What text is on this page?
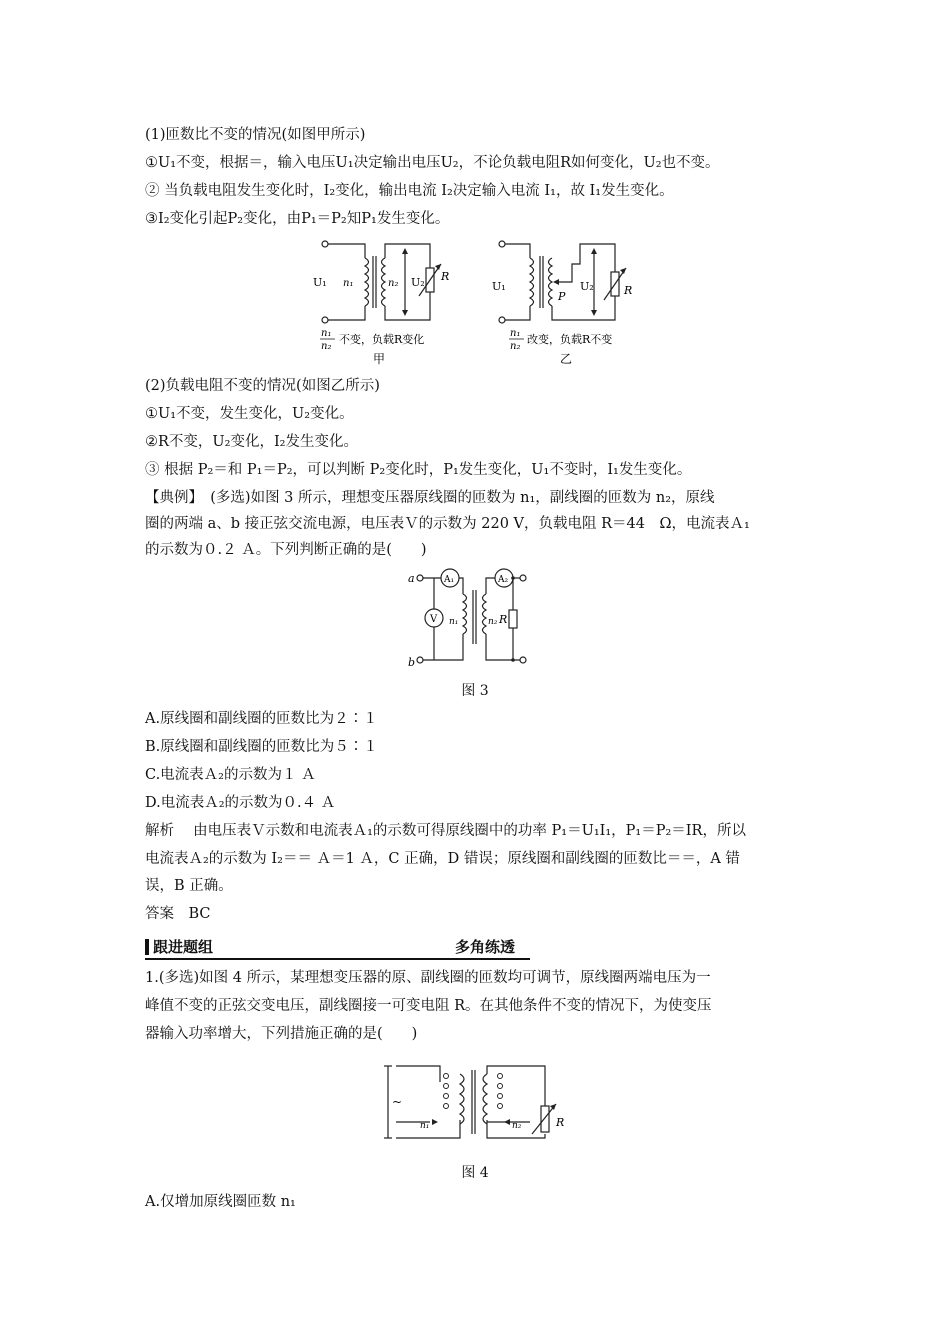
(1)匝数比不变的情况(如图甲所示)
①U₁不变，根据＝，输入电压U₁决定输出电压U₂，不论负载电阻R如何变化，U₂也不变。
② 当负载电阻发生变化时，I₂变化，输出电流 I₂决定输入电流 I₁，故 I₁发生变化。
③I₂变化引起P₂变化，由P₁＝P₂知P₁发生变化。
U₁ n₁	n₂ U₂ R
n₁
n₂
不变，负载R变化
甲
U₁
P
U₂	R
n₁
n₂
改变，负载R不变
乙
(2)负载电阻不变的情况(如图乙所示)
①U₁不变，发生变化，U₂变化。
②R不变，U₂变化，I₂发生变化。
③ 根据 P₂＝和 P₁＝P₂，可以判断 P₂变化时，P₁发生变化，U₁不变时，I₁发生变化。
【典例】　(多选)如图 3 所示，理想变压器原线圈的匝数为 n₁，副线圈的匝数为 n₂，原线
圈的两端 a、b 接正弦交流电源，电压表Ｖ的示数为 220 V，负载电阻 R＝44　Ω，电流表Ａ₁
的示数为０.２ Ａ。下列判断正确的是(　　)
a
b
V
A₁	A₂
n₁	n₂ R
图 3
A.原线圈和副线圈的匝数比为２∶１
B.原线圈和副线圈的匝数比为５∶１
C.电流表Ａ₂的示数为１ Ａ
D.电流表Ａ₂的示数为０.４ Ａ
解析　 由电压表Ｖ示数和电流表Ａ₁的示数可得原线圈中的功率 P₁＝U₁I₁，P₁＝P₂＝IR，所以
电流表Ａ₂的示数为 I₂＝＝ Ａ＝1 Ａ，C 正确，D 错误；原线圈和副线圈的匝数比＝＝，A 错
误，B 正确。
答案　BC
跟进题组	多角练透
1.(多选)如图 4 所示，某理想变压器的原、副线圈的匝数均可调节，原线圈两端电压为一
峰值不变的正弦交变电压，副线圈接一可变电阻 R。在其他条件不变的情况下，为使变压
器输入功率增大，下列措施正确的是(　　)
~
n₁	n₂	R
图 4
A.仅增加原线圈匝数 n₁
